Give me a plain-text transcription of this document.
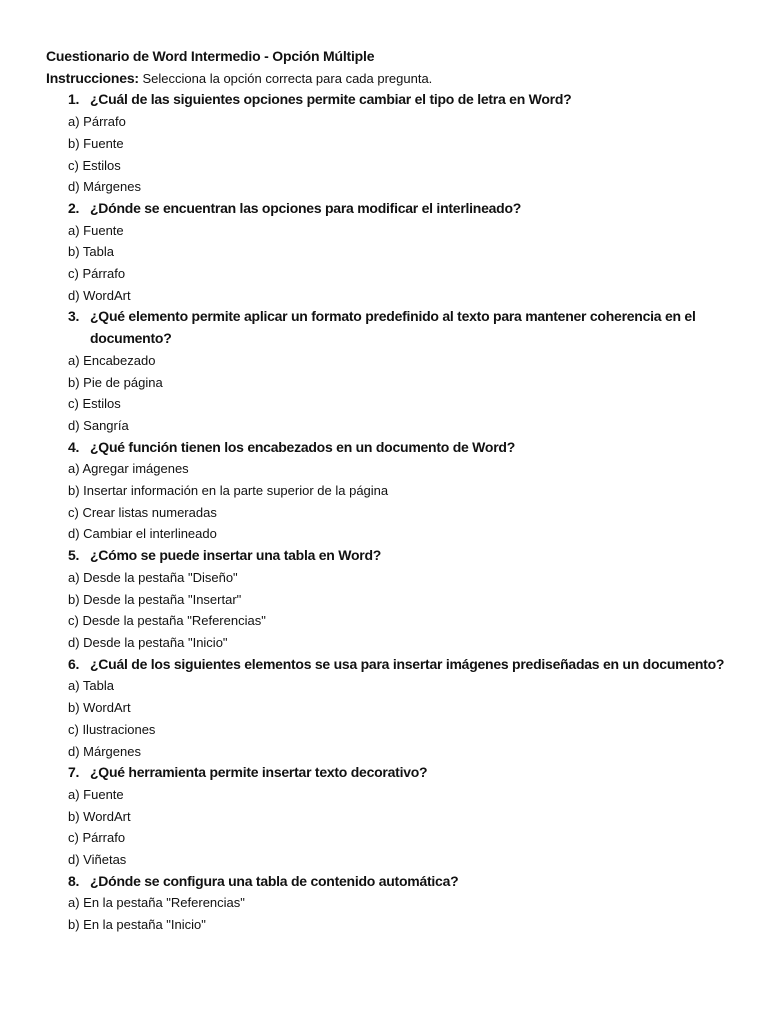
Cuestionario de Word Intermedio - Opción Múltiple
Instrucciones: Selecciona la opción correcta para cada pregunta.
1. ¿Cuál de las siguientes opciones permite cambiar el tipo de letra en Word?
a) Párrafo
b) Fuente
c) Estilos
d) Márgenes
2. ¿Dónde se encuentran las opciones para modificar el interlineado?
a) Fuente
b) Tabla
c) Párrafo
d) WordArt
3. ¿Qué elemento permite aplicar un formato predefinido al texto para mantener coherencia en el documento?
a) Encabezado
b) Pie de página
c) Estilos
d) Sangría
4. ¿Qué función tienen los encabezados en un documento de Word?
a) Agregar imágenes
b) Insertar información en la parte superior de la página
c) Crear listas numeradas
d) Cambiar el interlineado
5. ¿Cómo se puede insertar una tabla en Word?
a) Desde la pestaña "Diseño"
b) Desde la pestaña "Insertar"
c) Desde la pestaña "Referencias"
d) Desde la pestaña "Inicio"
6. ¿Cuál de los siguientes elementos se usa para insertar imágenes prediseñadas en un documento?
a) Tabla
b) WordArt
c) Ilustraciones
d) Márgenes
7. ¿Qué herramienta permite insertar texto decorativo?
a) Fuente
b) WordArt
c) Párrafo
d) Viñetas
8. ¿Dónde se configura una tabla de contenido automática?
a) En la pestaña "Referencias"
b) En la pestaña "Inicio"
